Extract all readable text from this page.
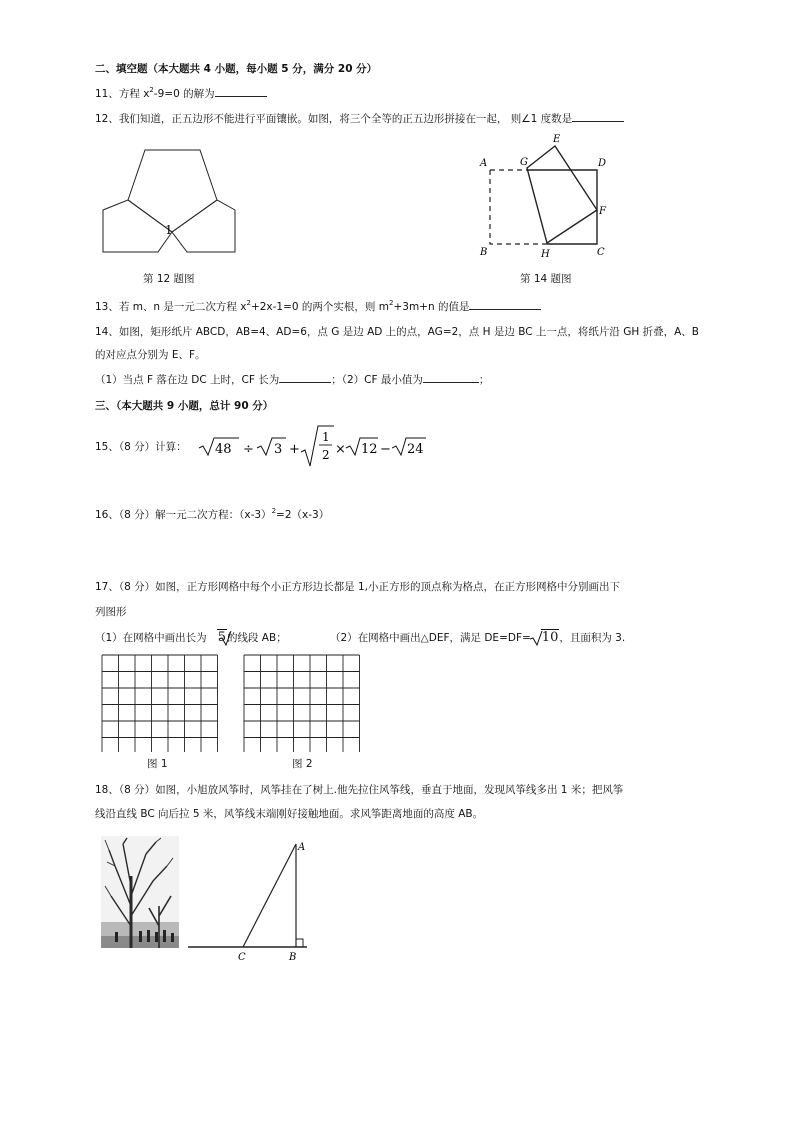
二、填空题（本大题共 4 小题，每小题 5 分，满分 20 分）
11、方程 $x^2-9=0$ 的解为
12、我们知道，正五边形不能进行平面镶嵌。如图，将三个全等的正五边形拼接在一起， 则∠1 度数是
1
第 12 题图
A	G
E
D
F
B	H	C
第 14 题图
13、若 m、n 是一元二次方程 $x^2+2x-1=0$ 的两个实根，则 $m^2+3m+n$ 的值是
14、如图，矩形纸片 ABCD，AB=4、AD=6，点 G 是边 AD 上的点，AG=2，点 H 是边 BC 上一点，将纸片沿 GH 折叠，A、B
的对应点分别为 E、F。
（1）当点 F 落在边 DC 上时，CF 长为	；（2）CF 最小值为	；
三、（本大题共 9 小题，总计 90 分）
15、（8 分）计算： 48 ÷ 3 +
1
2 × 12 − 24
16、（8 分）解一元二次方程：$(x-3)^2=2(x-3)$
17、（8 分）如图，正方形网格中每个小正方形边长都是 1,小正方形的顶点称为格点，在正方形网格中分别画出下
列图形
（1）在网格中画出长为 5的线段 AB；	（2）在网格中画出△DEF，满足 DE=DF= 10，且面积为 3.
图 1	图 2
18、（8 分）如图，小旭放风筝时，风筝挂在了树上.他先拉住风筝线，垂直于地面，发现风筝线多出 1 米；把风筝
线沿直线 BC 向后拉 5 米，风筝线末端刚好接触地面。求风筝距离地面的高度 AB。
A
C	B
